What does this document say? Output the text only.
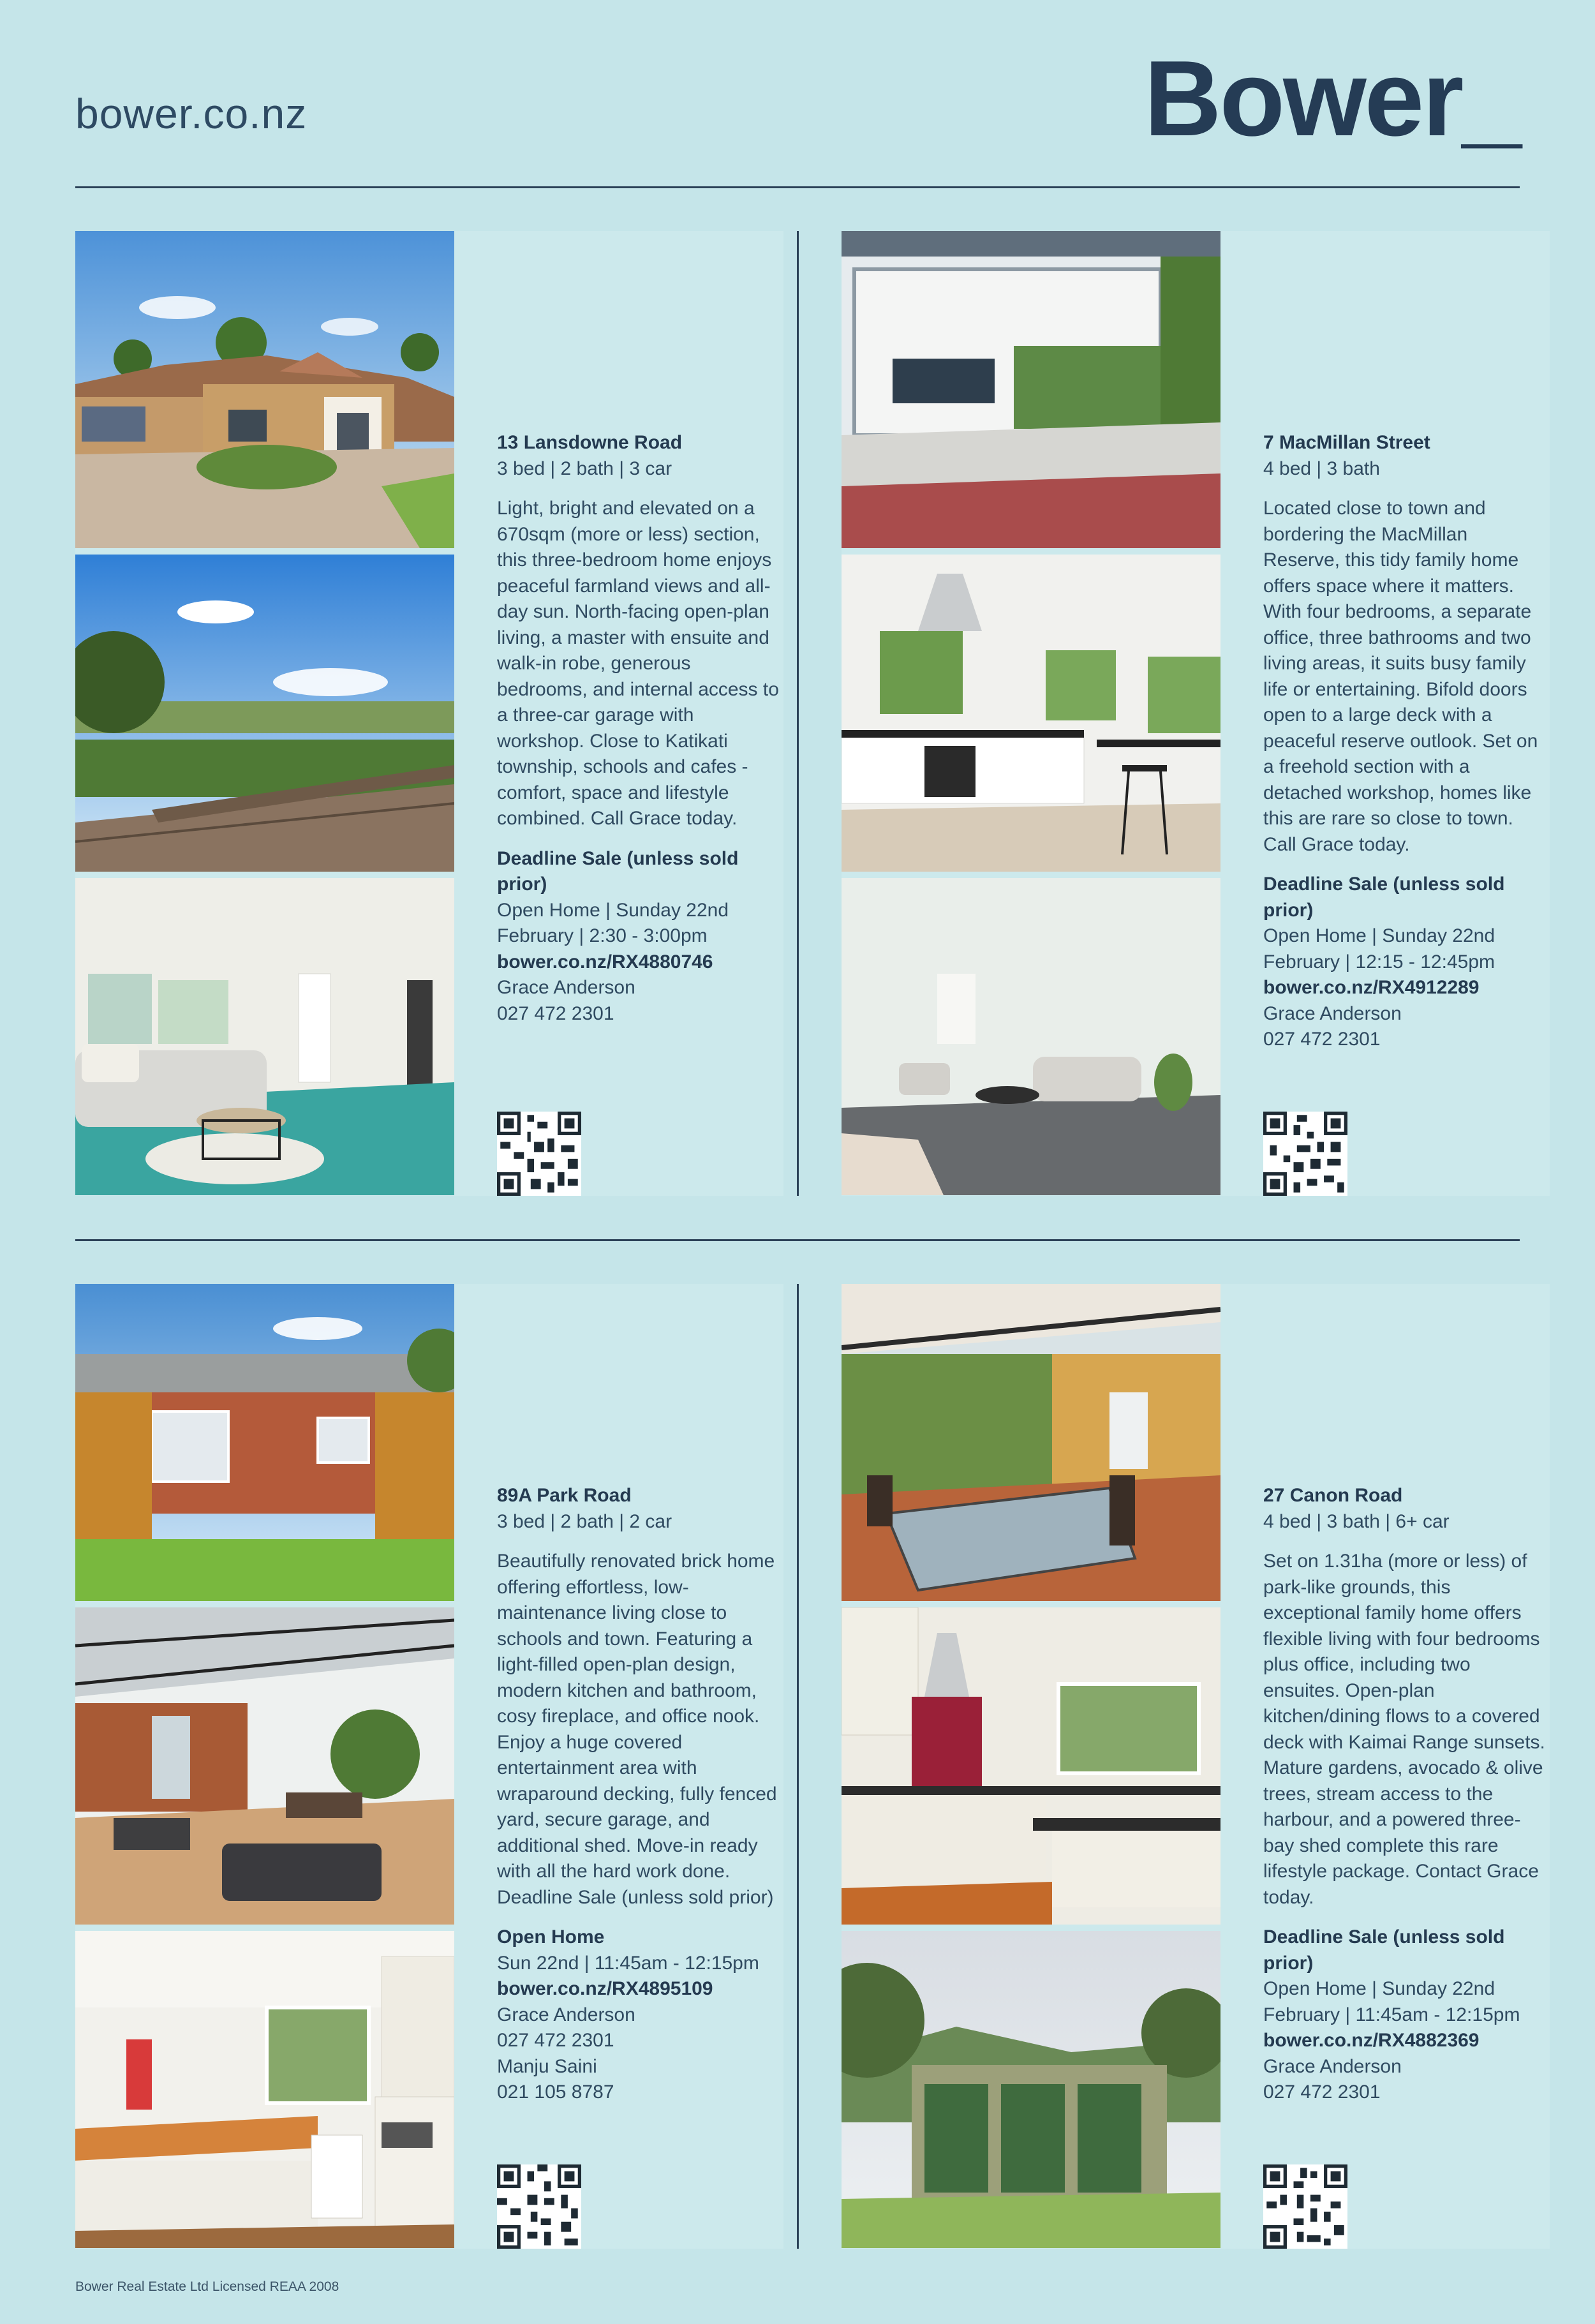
bower.co.nz	Bower_
13 Lansdowne Road
3 bed | 2 bath | 3 car
Light, bright and elevated on a 670sqm (more or less) section, this three-bedroom home enjoys peaceful farmland views and all-day sun. North-facing open-plan living, a master with ensuite and walk-in robe, generous bedrooms, and internal access to a three-car garage with workshop. Close to Katikati township, schools and cafes - comfort, space and lifestyle combined. Call Grace today.
Deadline Sale (unless sold prior)
Open Home | Sunday 22nd February | 2:30 - 3:00pm
bower.co.nz/RX4880746
Grace Anderson
027 472 2301
7 MacMillan Street
4 bed | 3 bath
Located close to town and bordering the MacMillan Reserve, this tidy family home offers space where it matters. With four bedrooms, a separate office, three bathrooms and two living areas, it suits busy family life or entertaining. Bifold doors open to a large deck with a peaceful reserve outlook. Set on a freehold section with a detached workshop, homes like this are rare so close to town. Call Grace today.
Deadline Sale (unless sold prior)
Open Home | Sunday 22nd February | 12:15 - 12:45pm
bower.co.nz/RX4912289
Grace Anderson
027 472 2301
89A Park Road
3 bed | 2 bath | 2 car
Beautifully renovated brick home offering effortless, low-maintenance living close to schools and town. Featuring a light-filled open-plan design, modern kitchen and bathroom, cosy fireplace, and office nook. Enjoy a huge covered entertainment area with wraparound decking, fully fenced yard, secure garage, and additional shed. Move-in ready with all the hard work done. Deadline Sale (unless sold prior)
Open Home
Sun 22nd | 11:45am - 12:15pm
bower.co.nz/RX4895109
Grace Anderson
027 472 2301
Manju Saini
021 105 8787
27 Canon Road
4 bed | 3 bath | 6+ car
Set on 1.31ha (more or less) of park-like grounds, this exceptional family home offers flexible living with four bedrooms plus office, including two ensuites. Open-plan kitchen/dining flows to a covered deck with Kaimai Range sunsets. Mature gardens, avocado & olive trees, stream access to the harbour, and a powered three-bay shed complete this rare lifestyle package. Contact Grace today.
Deadline Sale (unless sold prior)
Open Home | Sunday 22nd February | 11:45am - 12:15pm
bower.co.nz/RX4882369
Grace Anderson
027 472 2301
Bower Real Estate Ltd Licensed REAA 2008
